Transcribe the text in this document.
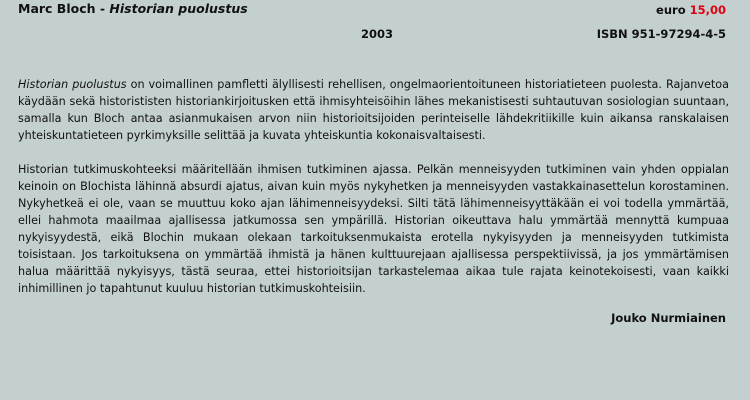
Marc Bloch - Historian puolustus	euro 15,00
2003	ISBN 951-97294-4-5

Historian puolustus on voimallinen pamfletti älyllisesti rehellisen, ongelmaorientoituneen historiatieteen puolesta. Rajanvetoa käydään sekä historististen historiankirjoitusken että ihmisyhteisöihin lähes mekanistisesti suhtautuvan sosiologian suuntaan, samalla kun Bloch antaa asianmukaisen arvon niin historioitsijoiden perinteiselle lähdekritiikille kuin aikansa ranskalaisen yhteiskuntatieteen pyrkimyksille selittää ja kuvata yhteiskuntia kokonaisvaltaisesti.

Historian tutkimuskohteeksi määritellään ihmisen tutkiminen ajassa. Pelkän menneisyyden tutkiminen vain yhden oppialan keinoin on Blochista lähinnä absurdi ajatus, aivan kuin myös nykyhetken ja menneisyyden vastakkainasettelun korostaminen. Nykyhetkeä ei ole, vaan se muuttuu koko ajan lähimenneisyydeksi. Silti tätä lähimenneisyyttäkään ei voi todella ymmärtää, ellei hahmota maailmaa ajallisessa jatkumossa sen ympärillä. Historian oikeuttava halu ymmärtää mennyttä kumpuaa nykyisyydestä, eikä Blochin mukaan olekaan tarkoituksenmukaista erotella nykyisyyden ja menneisyyden tutkimista toisistaan. Jos tarkoituksena on ymmärtää ihmistä ja hänen kulttuurejaan ajallisessa perspektiivissä, ja jos ymmärtämisen halua määrittää nykyisyys, tästä seuraa, ettei historioitsijan tarkastelemaa aikaa tule rajata keinotekoisesti, vaan kaikki inhimillinen jo tapahtunut kuuluu historian tutkimuskohteisiin.

Jouko Nurmiainen
